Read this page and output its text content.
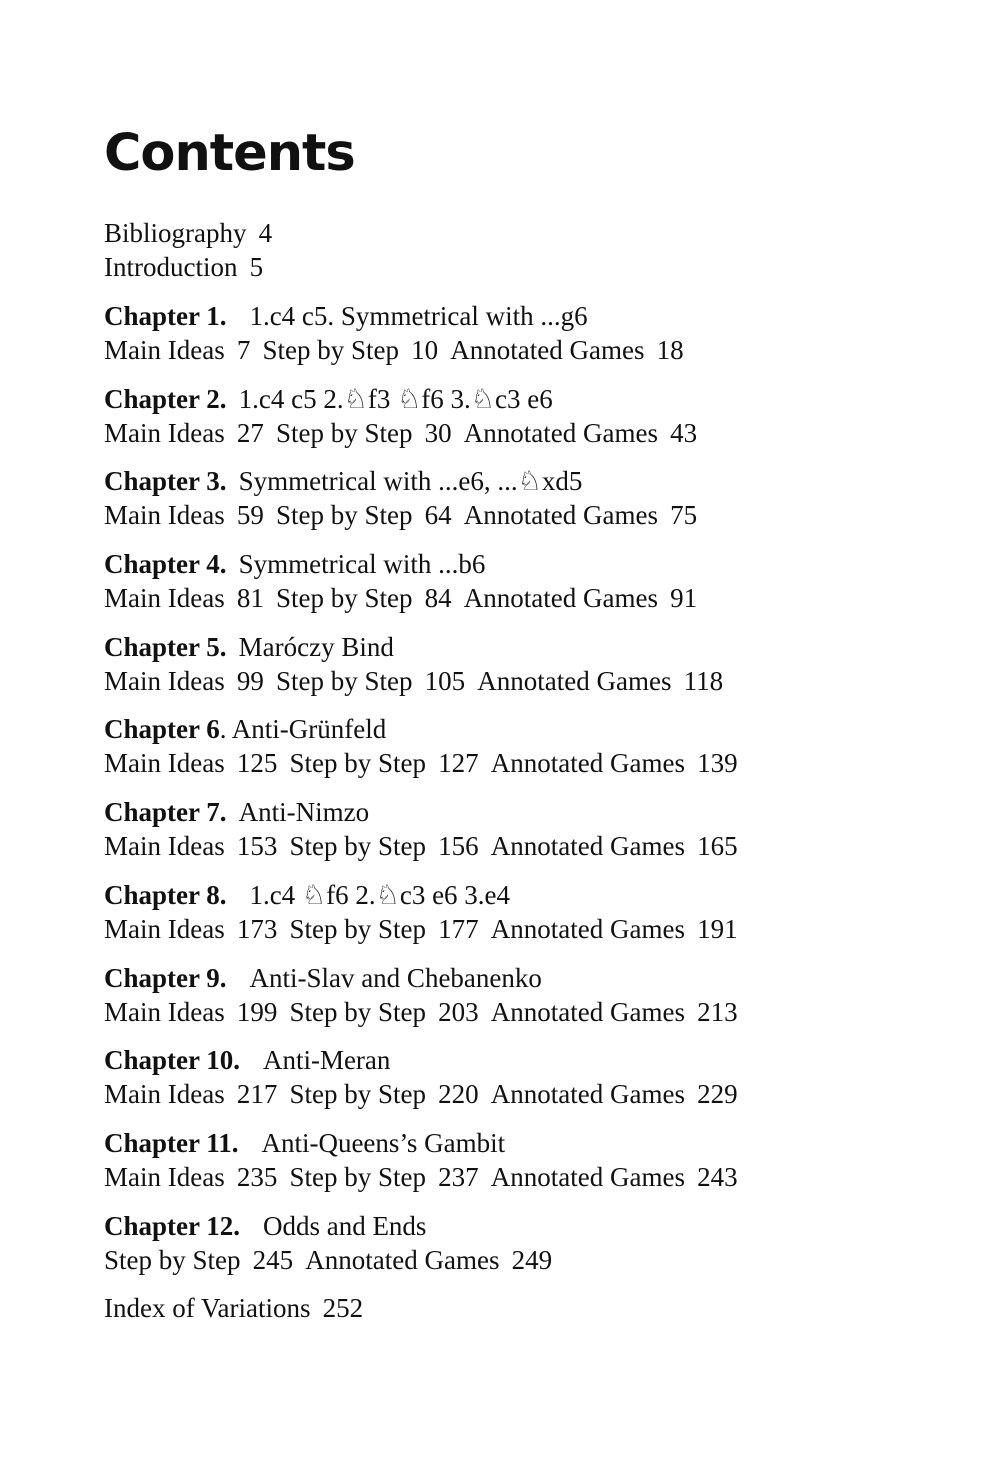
Contents
Bibliography 4
Introduction 5
Chapter 1. 1.c4 c5. Symmetrical with ...g6
Main Ideas 7 Step by Step 10 Annotated Games 18
Chapter 2. 1.c4 c5 2.♘f3 ♘f6 3.♘c3 e6
Main Ideas 27 Step by Step 30 Annotated Games 43
Chapter 3. Symmetrical with ...e6, ...♘xd5
Main Ideas 59 Step by Step 64 Annotated Games 75
Chapter 4. Symmetrical with ...b6
Main Ideas 81 Step by Step 84 Annotated Games 91
Chapter 5. Maróczy Bind
Main Ideas 99 Step by Step 105 Annotated Games 118
Chapter 6. Anti-Grünfeld
Main Ideas 125 Step by Step 127 Annotated Games 139
Chapter 7. Anti-Nimzo
Main Ideas 153 Step by Step 156 Annotated Games 165
Chapter 8. 1.c4 ♘f6 2.♘c3 e6 3.e4
Main Ideas 173 Step by Step 177 Annotated Games 191
Chapter 9. Anti-Slav and Chebanenko
Main Ideas 199 Step by Step 203 Annotated Games 213
Chapter 10. Anti-Meran
Main Ideas 217 Step by Step 220 Annotated Games 229
Chapter 11. Anti-Queens’s Gambit
Main Ideas 235 Step by Step 237 Annotated Games 243
Chapter 12. Odds and Ends
Step by Step 245 Annotated Games 249
Index of Variations 252
